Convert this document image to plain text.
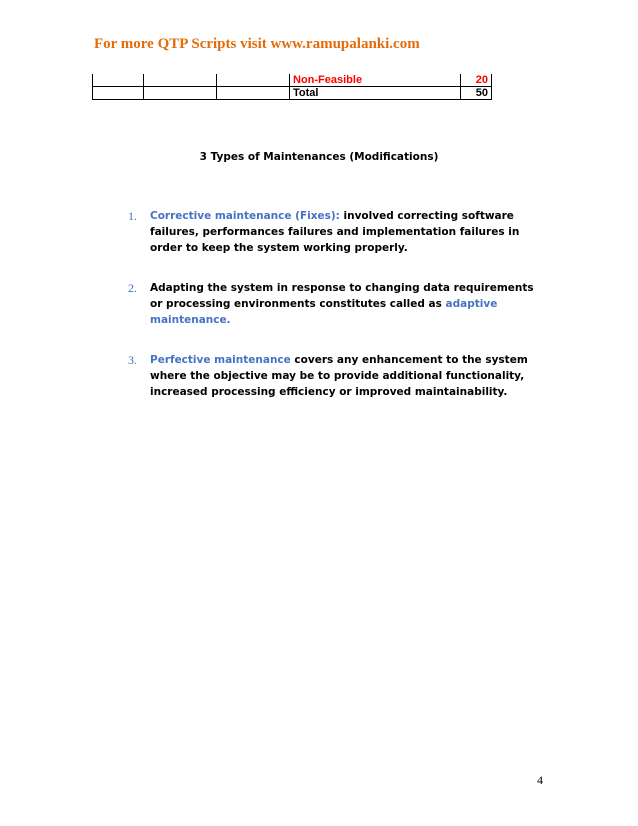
For more QTP Scripts visit www.ramupalanki.com
			Non-Feasible	20
			Total	50
3 Types of Maintenances (Modifications)
1. Corrective maintenance (Fixes): involved correcting software failures, performances failures and implementation failures in order to keep the system working properly.
2. Adapting the system in response to changing data requirements or processing environments constitutes called as adaptive maintenance.
3. Perfective maintenance covers any enhancement to the system where the objective may be to provide additional functionality, increased processing efficiency or improved maintainability.
4
